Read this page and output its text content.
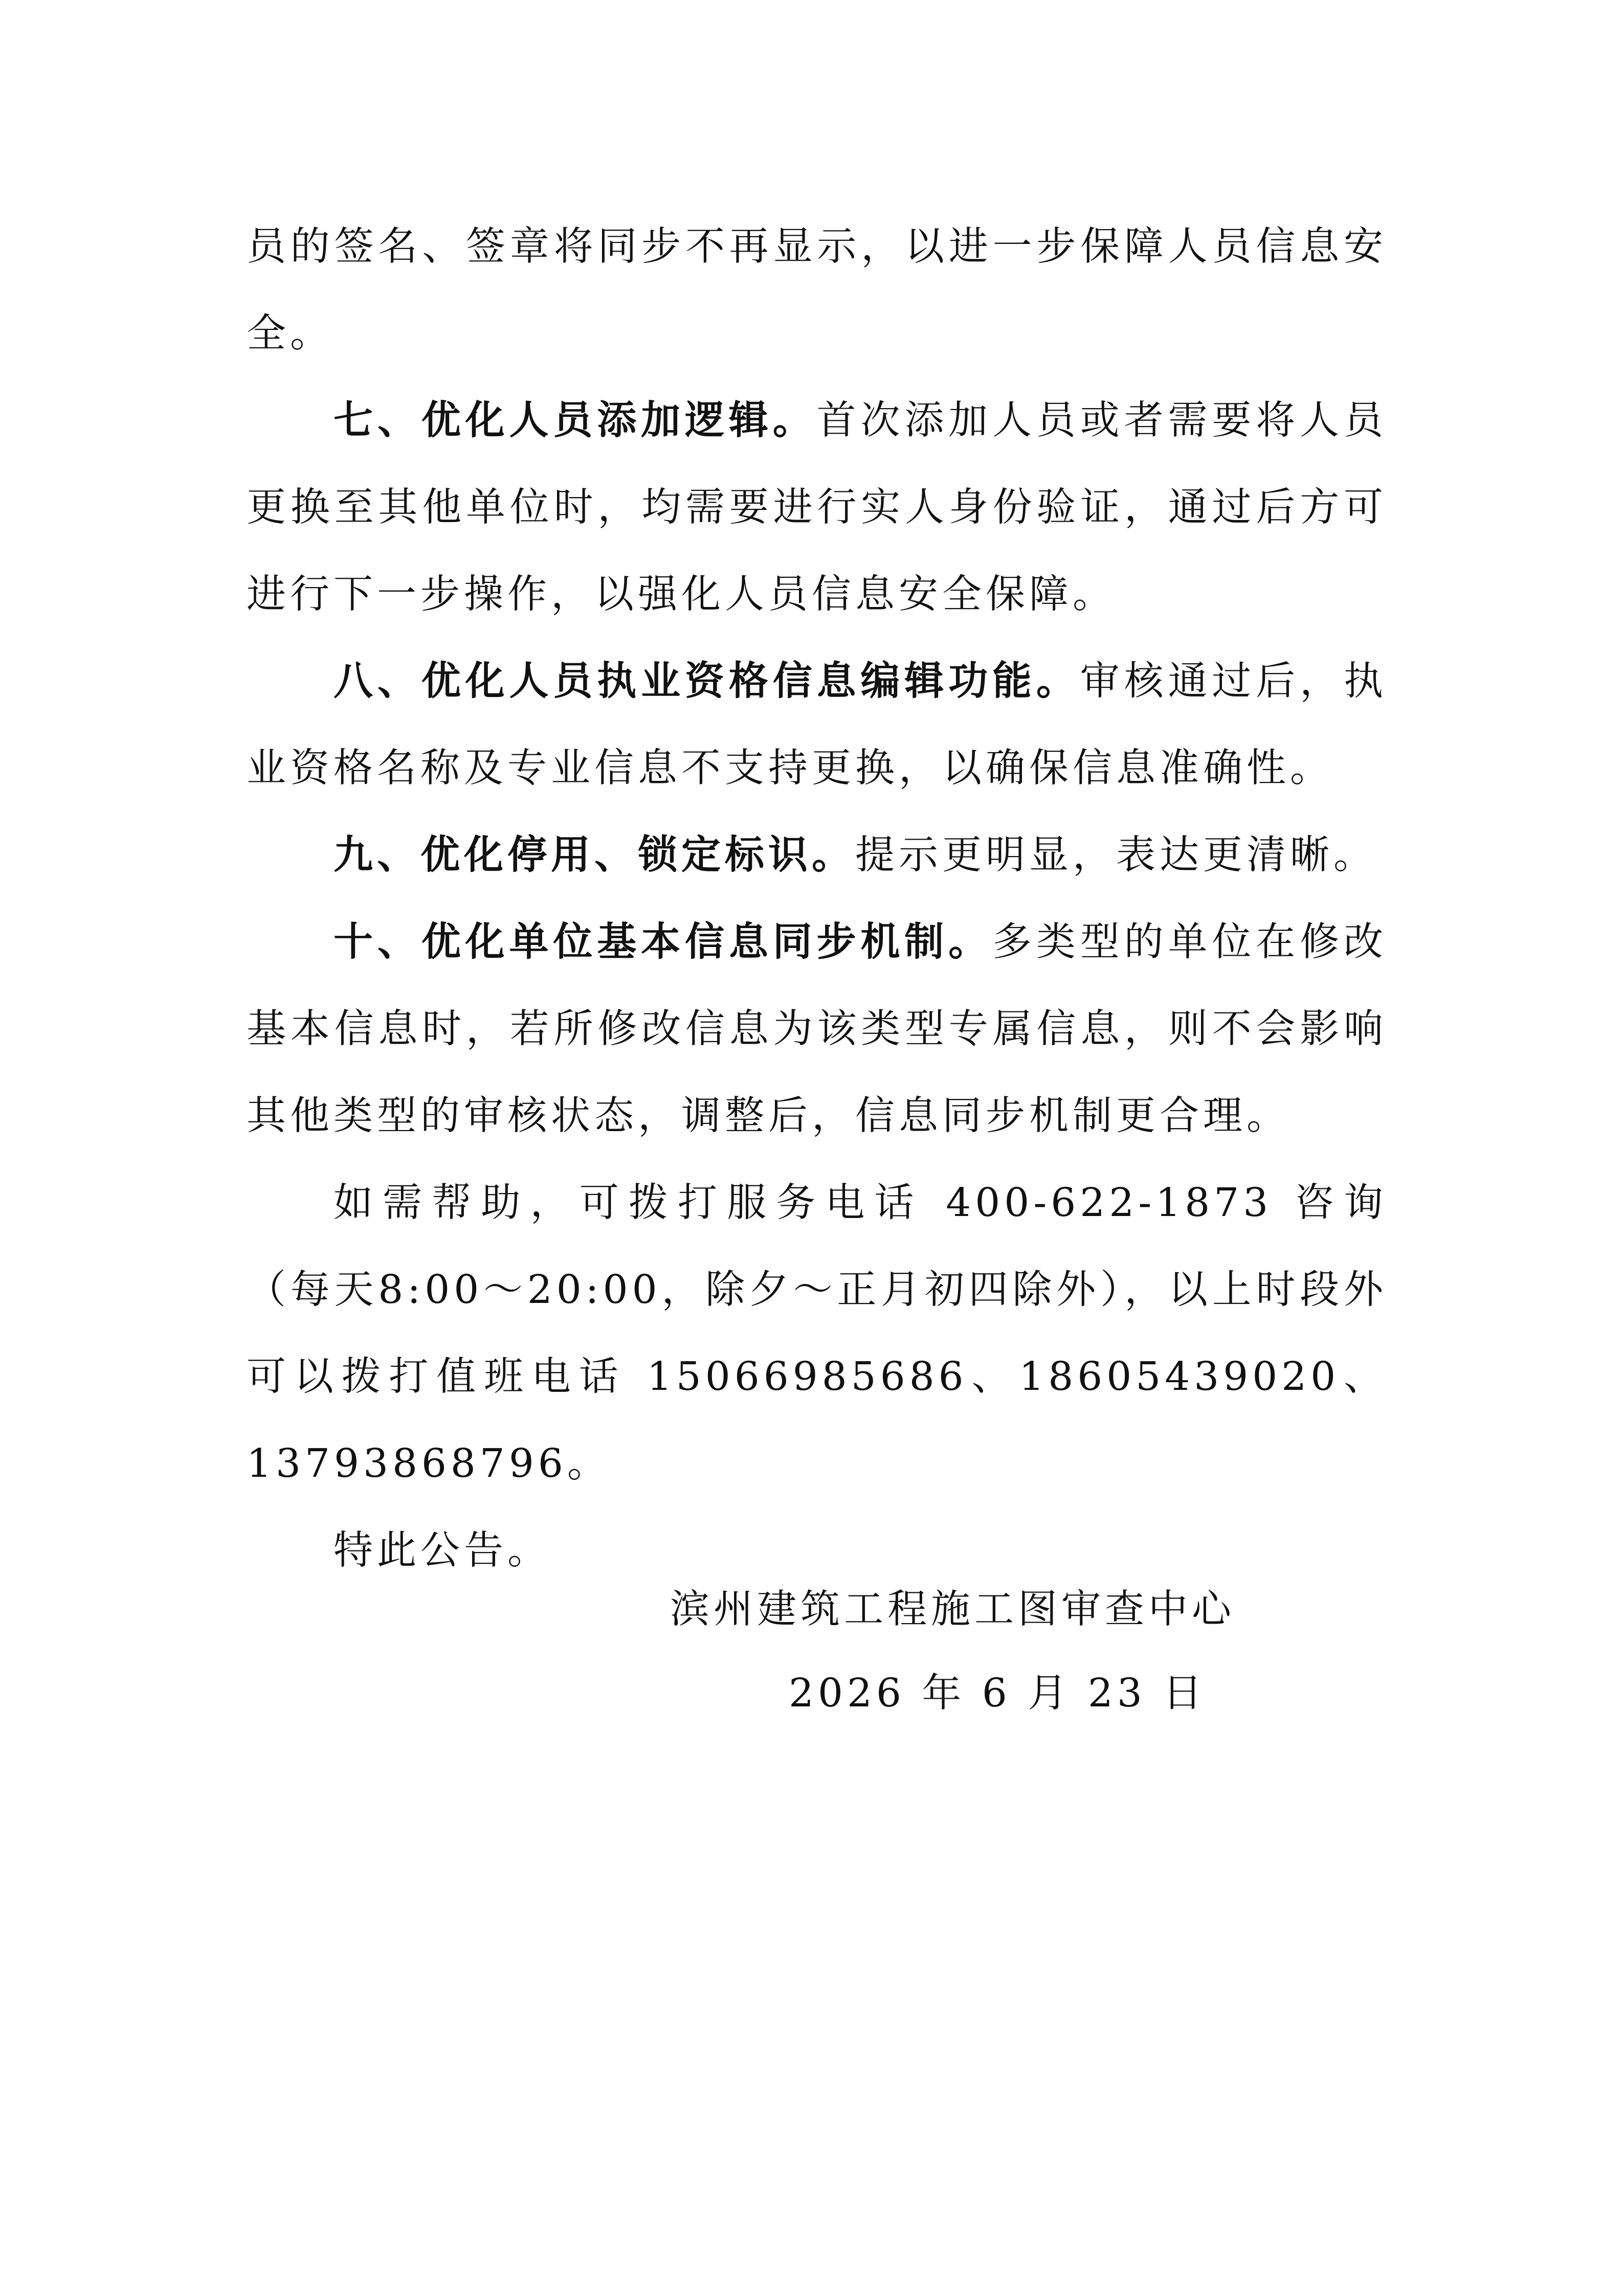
员的签名、签章将同步不再显示，以进一步保障人员信息安全。

七、优化人员添加逻辑。首次添加人员或者需要将人员更换至其他单位时，均需要进行实人身份验证，通过后方可进行下一步操作，以强化人员信息安全保障。

八、优化人员执业资格信息编辑功能。审核通过后，执业资格名称及专业信息不支持更换，以确保信息准确性。

九、优化停用、锁定标识。提示更明显，表达更清晰。

十、优化单位基本信息同步机制。多类型的单位在修改基本信息时，若所修改信息为该类型专属信息，则不会影响其他类型的审核状态，调整后，信息同步机制更合理。

如需帮助，可拨打服务电话 400-622-1873 咨询（每天8:00～20:00，除夕～正月初四除外），以上时段外可以拨打值班电话 15066985686、18605439020、13793868796。

特此公告。

滨州建筑工程施工图审查中心
2026 年 6 月 23 日
